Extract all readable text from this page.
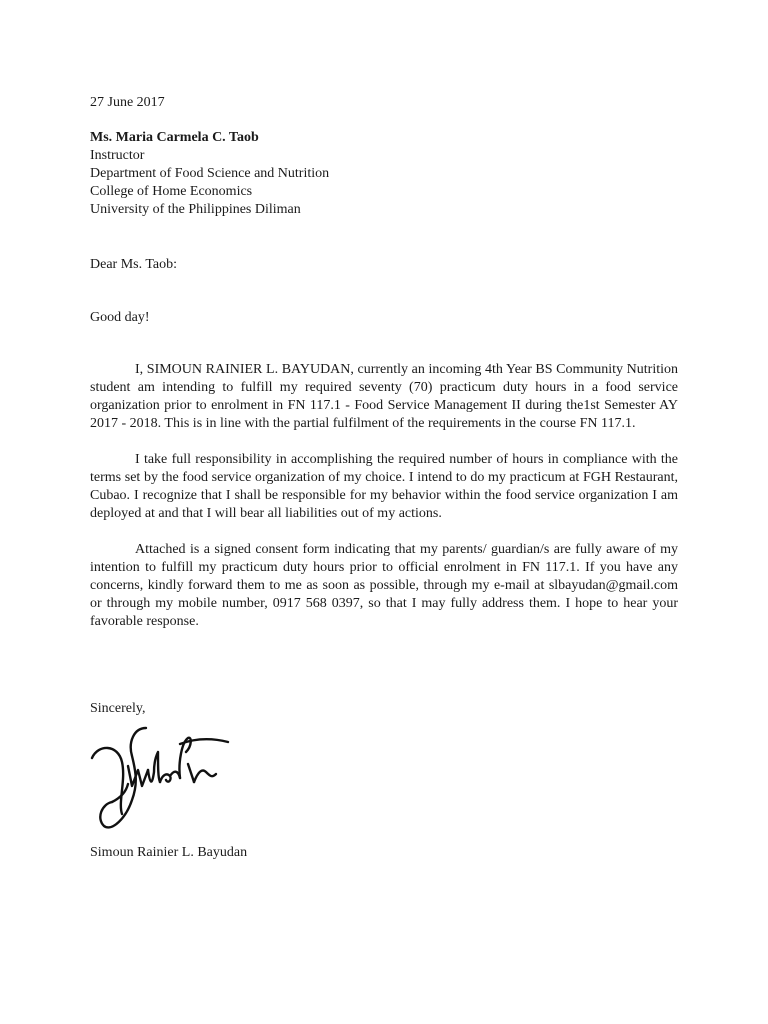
27 June 2017
Ms. Maria Carmela C. Taob
Instructor
Department of Food Science and Nutrition
College of Home Economics
University of the Philippines Diliman
Dear Ms. Taob:
Good day!

I, SIMOUN RAINIER L. BAYUDAN, currently an incoming 4th Year BS Community Nutrition student am intending to fulfill my required seventy (70) practicum duty hours in a food service organization prior to enrolment in FN 117.1 - Food Service Management II during the1st Semester AY 2017 - 2018. This is in line with the partial fulfilment of the requirements in the course FN 117.1.

I take full responsibility in accomplishing the required number of hours in compliance with the terms set by the food service organization of my choice. I intend to do my practicum at FGH Restaurant, Cubao. I recognize that I shall be responsible for my behavior within the food service organization I am deployed at and that I will bear all liabilities out of my actions.

Attached is a signed consent form indicating that my parents/ guardian/s are fully aware of my intention to fulfill my practicum duty hours prior to official enrolment in FN 117.1. If you have any concerns, kindly forward them to me as soon as possible, through my e-mail at slbayudan@gmail.com or through my mobile number, 0917 568 0397, so that I may fully address them. I hope to hear your favorable response.

Sincerely,
Simoun Rainier L. Bayudan
